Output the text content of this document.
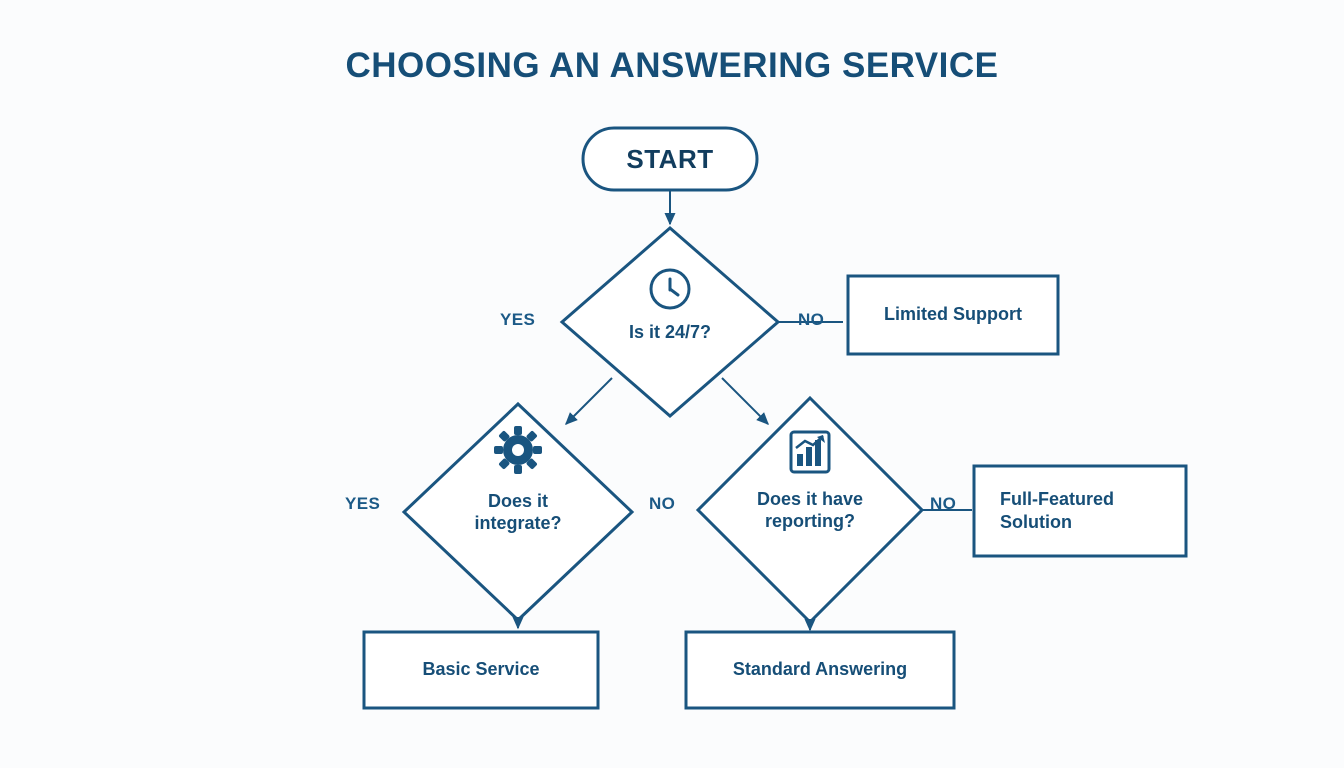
CHOOSING AN ANSWERING SERVICE
START
Is it 24/7?
Limited Support
Does it
integrate?
Does it have
reporting?
Full-Featured
Solution
Basic Service	Standard Answering
YES	NO
YES	NO	NO
